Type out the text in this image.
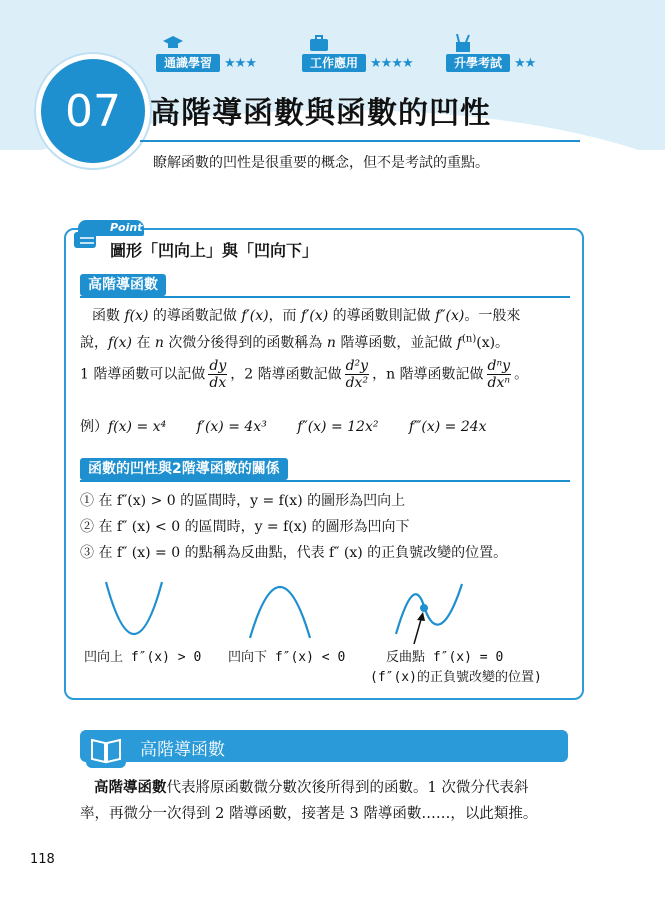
通識學習 ★★★	工作應用 ★★★★	升學考試 ★★
07 高階導函數與函數的凹性
瞭解函數的凹性是很重要的概念，但不是考試的重點。
Point
圖形「凹向上」與「凹向下」
高階導函數
函數 f(x) 的導函數記做 f′(x)，而 f′(x) 的導函數則記做 f″(x)。一般來
說，f(x) 在 n 次微分後得到的函數稱為 n 階導函數，並記做 $f^{(n)}(x)$。
1 階導函數可以記做 $\frac{dy}{dx}$ ，2 階導函數記做 $\frac{\text{d²y}}{\text{dx²}}$ ，n 階導函數記做 $\frac{\text{dⁿy}}{\text{dxⁿ}}$ 。
例）f(x) = x⁴ f′(x) = 4x³ f″(x) = 12x² f‴(x) = 24x
函數的凹性與2階導函數的關係
① 在 f″(x) > 0 的區間時，y = f(x) 的圖形為凹向上
② 在 f″ (x) < 0 的區間時，y = f(x) 的圖形為凹向下
③ 在 f″ (x) = 0 的點稱為反曲點，代表 f″ (x) 的正負號改變的位置。
凹向上 f″(x) > 0 凹向下 f″(x) < 0	反曲點 f″(x) = 0
(f″(x)的正負號改變的位置)
高階導函數
高階導函數代表將原函數微分數次後所得到的函數。1 次微分代表斜
率，再微分一次得到 2 階導函數，接著是 3 階導函數……，以此類推。
118
